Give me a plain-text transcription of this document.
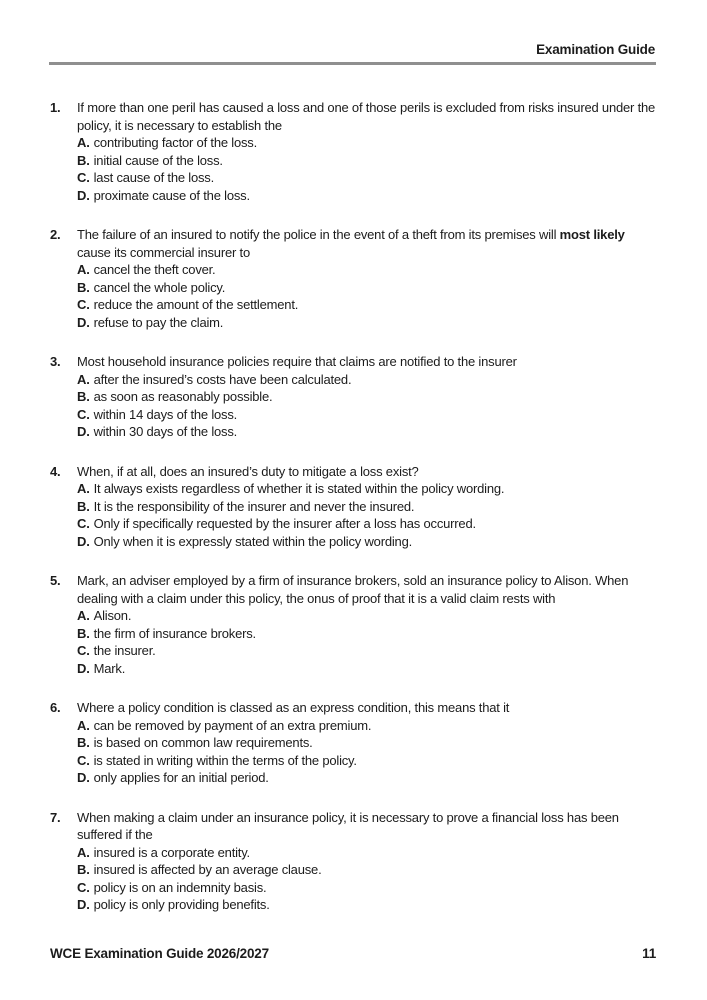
Examination Guide
1.	If more than one peril has caused a loss and one of those perils is excluded from risks insured under the policy, it is necessary to establish the
A. contributing factor of the loss.
B. initial cause of the loss.
C. last cause of the loss.
D. proximate cause of the loss.
2.	The failure of an insured to notify the police in the event of a theft from its premises will most likely cause its commercial insurer to
A. cancel the theft cover.
B. cancel the whole policy.
C. reduce the amount of the settlement.
D. refuse to pay the claim.
3.	Most household insurance policies require that claims are notified to the insurer
A. after the insured’s costs have been calculated.
B. as soon as reasonably possible.
C. within 14 days of the loss.
D. within 30 days of the loss.
4.	When, if at all, does an insured’s duty to mitigate a loss exist?
A. It always exists regardless of whether it is stated within the policy wording.
B. It is the responsibility of the insurer and never the insured.
C. Only if specifically requested by the insurer after a loss has occurred.
D. Only when it is expressly stated within the policy wording.
5.	Mark, an adviser employed by a firm of insurance brokers, sold an insurance policy to Alison. When dealing with a claim under this policy, the onus of proof that it is a valid claim rests with
A. Alison.
B. the firm of insurance brokers.
C. the insurer.
D. Mark.
6.	Where a policy condition is classed as an express condition, this means that it
A. can be removed by payment of an extra premium.
B. is based on common law requirements.
C. is stated in writing within the terms of the policy.
D. only applies for an initial period.
7.	When making a claim under an insurance policy, it is necessary to prove a financial loss has been suffered if the
A. insured is a corporate entity.
B. insured is affected by an average clause.
C. policy is on an indemnity basis.
D. policy is only providing benefits.
WCE Examination Guide 2026/2027	11
